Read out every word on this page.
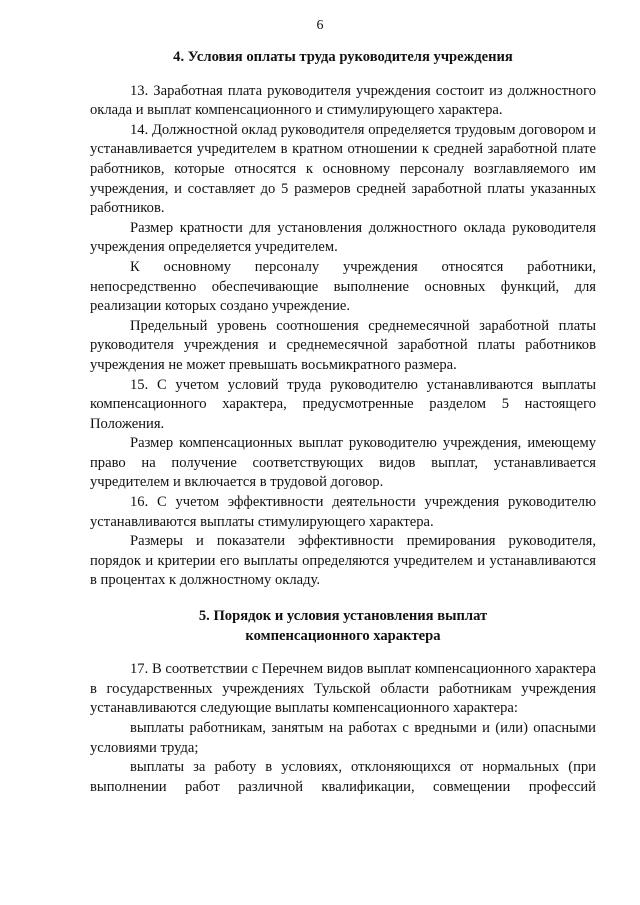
6

4. Условия оплаты труда руководителя учреждения

13. Заработная плата руководителя учреждения состоит из должностного оклада и выплат компенсационного и стимулирующего характера.

14. Должностной оклад руководителя определяется трудовым договором и устанавливается учредителем в кратном отношении к средней заработной плате работников, которые относятся к основному персоналу возглавляемого им учреждения, и составляет до 5 размеров средней заработной платы указанных работников.

Размер кратности для установления должностного оклада руководителя учреждения определяется учредителем.

К основному персоналу учреждения относятся работники, непосредственно обеспечивающие выполнение основных функций, для реализации которых создано учреждение.

Предельный уровень соотношения среднемесячной заработной платы руководителя учреждения и среднемесячной заработной платы работников учреждения не может превышать восьмикратного размера.

15. С учетом условий труда руководителю устанавливаются выплаты компенсационного характера, предусмотренные разделом 5 настоящего Положения.

Размер компенсационных выплат руководителю учреждения, имеющему право на получение соответствующих видов выплат, устанавливается учредителем и включается в трудовой договор.

16. С учетом эффективности деятельности учреждения руководителю устанавливаются выплаты стимулирующего характера.

Размеры и показатели эффективности премирования руководителя, порядок и критерии его выплаты определяются учредителем и устанавливаются в процентах к должностному окладу.

5. Порядок и условия установления выплат
компенсационного характера

17. В соответствии с Перечнем видов выплат компенсационного характера в государственных учреждениях Тульской области работникам учреждения устанавливаются следующие выплаты компенсационного характера:

выплаты работникам, занятым на работах с вредными и (или) опасными условиями труда;

выплаты за работу в условиях, отклоняющихся от нормальных (при выполнении работ различной квалификации, совмещении профессий
